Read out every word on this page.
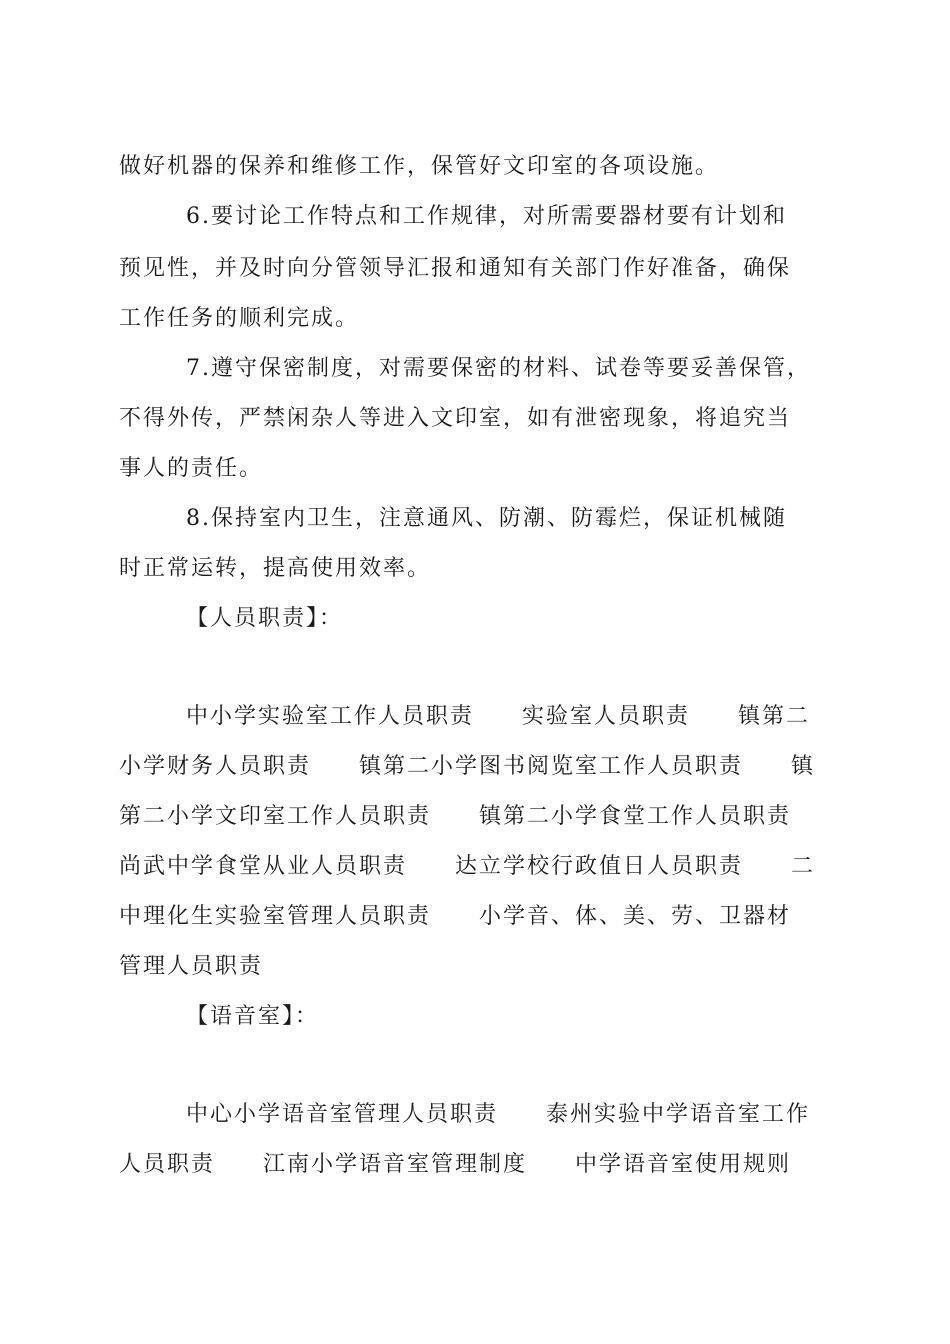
做好机器的保养和维修工作，保管好文印室的各项设施。
6.要讨论工作特点和工作规律，对所需要器材要有计划和
预见性，并及时向分管领导汇报和通知有关部门作好准备，确保
工作任务的顺利完成。
7.遵守保密制度，对需要保密的材料、试卷等要妥善保管，
不得外传，严禁闲杂人等进入文印室，如有泄密现象，将追究当
事人的责任。
8.保持室内卫生，注意通风、防潮、防霉烂，保证机械随
时正常运转，提高使用效率。
【人员职责】：
中小学实验室工作人员职责　　实验室人员职责　　镇第二
小学财务人员职责　　镇第二小学图书阅览室工作人员职责　　镇
第二小学文印室工作人员职责　　镇第二小学食堂工作人员职责
尚武中学食堂从业人员职责　　达立学校行政值日人员职责　　二
中理化生实验室管理人员职责　　小学音、体、美、劳、卫器材
管理人员职责
【语音室】：
中心小学语音室管理人员职责　　泰州实验中学语音室工作
人员职责　　江南小学语音室管理制度　　中学语音室使用规则
